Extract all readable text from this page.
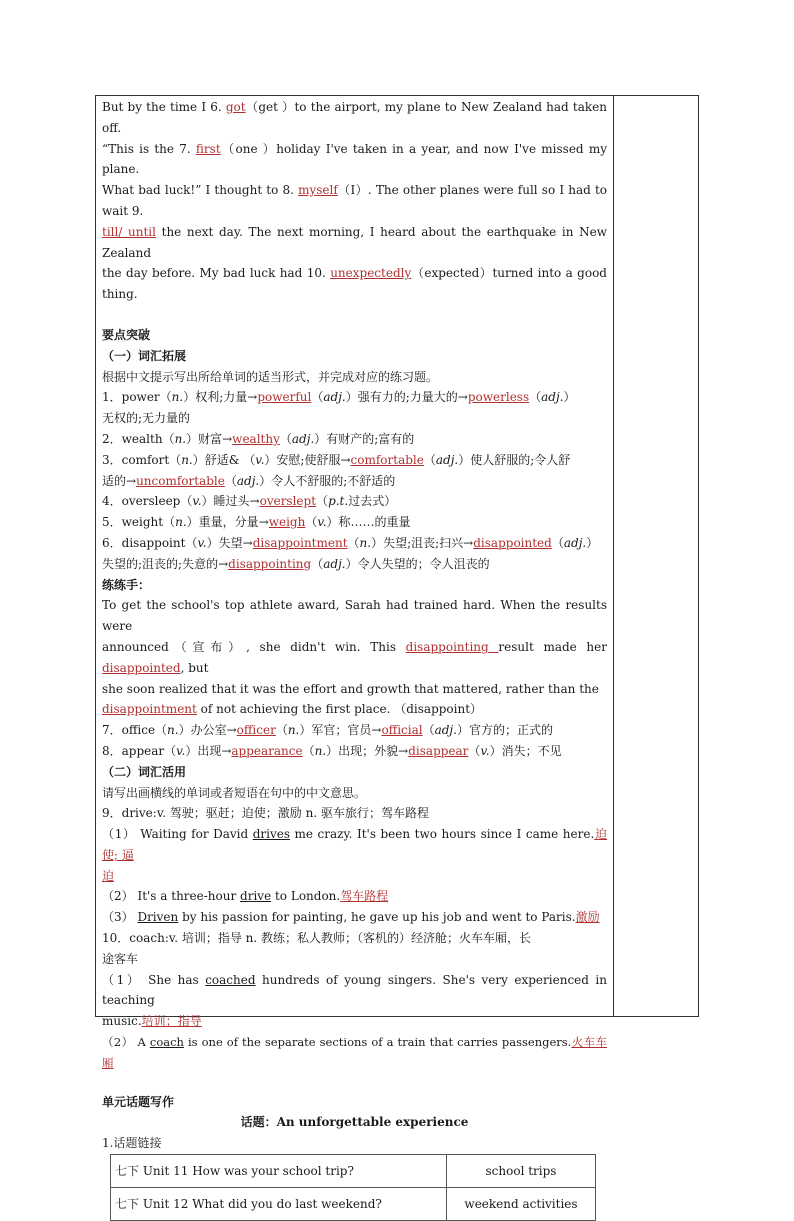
But by the time I 6. got（get ）to the airport, my plane to New Zealand had taken off.

“This is the 7. first（one ）holiday I've taken in a year, and now I've missed my plane.

What bad luck!” I thought to 8. myself（I）. The other planes were full so I had to wait 9.

till/ until the next day. The next morning, I heard about the earthquake in New Zealand

the day before. My bad luck had 10. unexpectedly（expected）turned into a good thing.

要点突破

（一）词汇拓展

根据中文提示写出所给单词的适当形式，并完成对应的练习题。

1．power（n.）权利;力量→powerful（adj.）强有力的;力量大的→powerless（adj.）
无权的;无力量的

2．wealth（n.）财富→wealthy（adj.）有财产的;富有的

3．comfort（n.）舒适& （v.）安慰;使舒服→comfortable（adj.）使人舒服的;令人舒
适的→uncomfortable（adj.）令人不舒服的;不舒适的

4．oversleep（v.）睡过头→overslept（p.t.过去式）

5．weight（n.）重量，分量→weigh（v.）称……的重量

6．disappoint（v.）失望→disappointment（n.）失望;沮丧;扫兴→disappointed（adj.）
失望的;沮丧的;失意的→disappointing（adj.）令人失望的；令人沮丧的

练练手：

To get the school's top athlete award, Sarah had trained hard. When the results were

announced（宣布）, she didn't win. This disappointing result made her disappointed, but

she soon realized that it was the effort and growth that mattered, rather than the

disappointment of not achieving the first place. （disappoint）

7．office（n.）办公室→officer（n.）军官；官员→official（adj.）官方的；正式的

8．appear（v.）出现→appearance（n.）出现；外貌→disappear（v.）消失；不见

（二）词汇活用

请写出画横线的单词或者短语在句中的中文意思。

9．drive:v. 驾驶；驱赶；迫使；激励 n. 驱车旅行；驾车路程

（1） Waiting for David drives me crazy. It's been two hours since I came here.迫使; 逼
迫

（2） It's a three-hour drive to London.驾车路程

（3） Driven by his passion for painting, he gave up his job and went to Paris.激励

10．coach:v. 培训；指导 n. 教练；私人教师；（客机的）经济舱；火车车厢，长
途客车

（1） She has coached hundreds of young singers. She's very experienced in teaching
music.培训；指导

（2） A coach is one of the separate sections of a train that carries passengers.火车车厢

单元话题写作

话题：An unforgettable experience

1.话题链接

七下 Unit 11 How was your school trip?	school trips
七下 Unit 12 What did you do last weekend?	weekend activities
